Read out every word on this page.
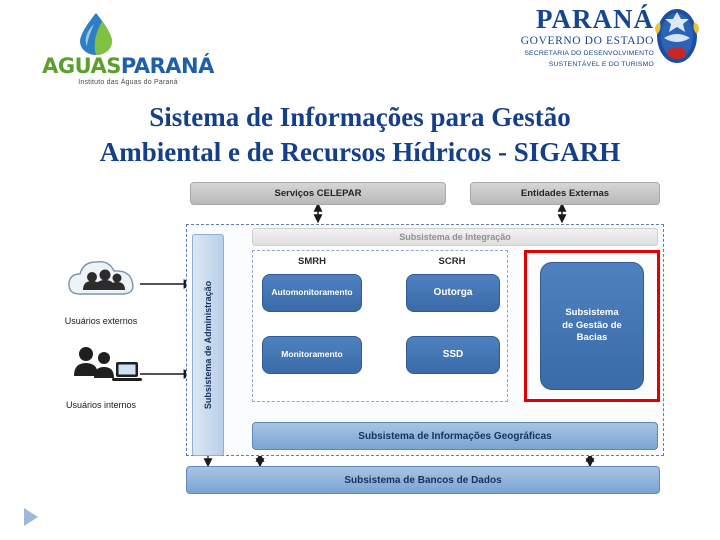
AGUASPARANÁ
Instituto das Águas do Paraná
PARANÁ
GOVERNO DO ESTADO
SECRETARIA DO DESENVOLVIMENTO
SUSTENTÁVEL E DO TURISMO
Sistema de Informações para Gestão
Ambiental e de Recursos Hídricos - SIGARH
Serviços CELEPAR	Entidades Externas
Subsistema de Integração
Subsistema de Administração
SMRH	SCRH
Automonitoramento
Monitoramento
Outorga
SSD
Subsistema
de Gestão de
Bacias
Subsistema de Informações Geográficas
Subsistema de Bancos de Dados
Usuários externos
Usuários internos
